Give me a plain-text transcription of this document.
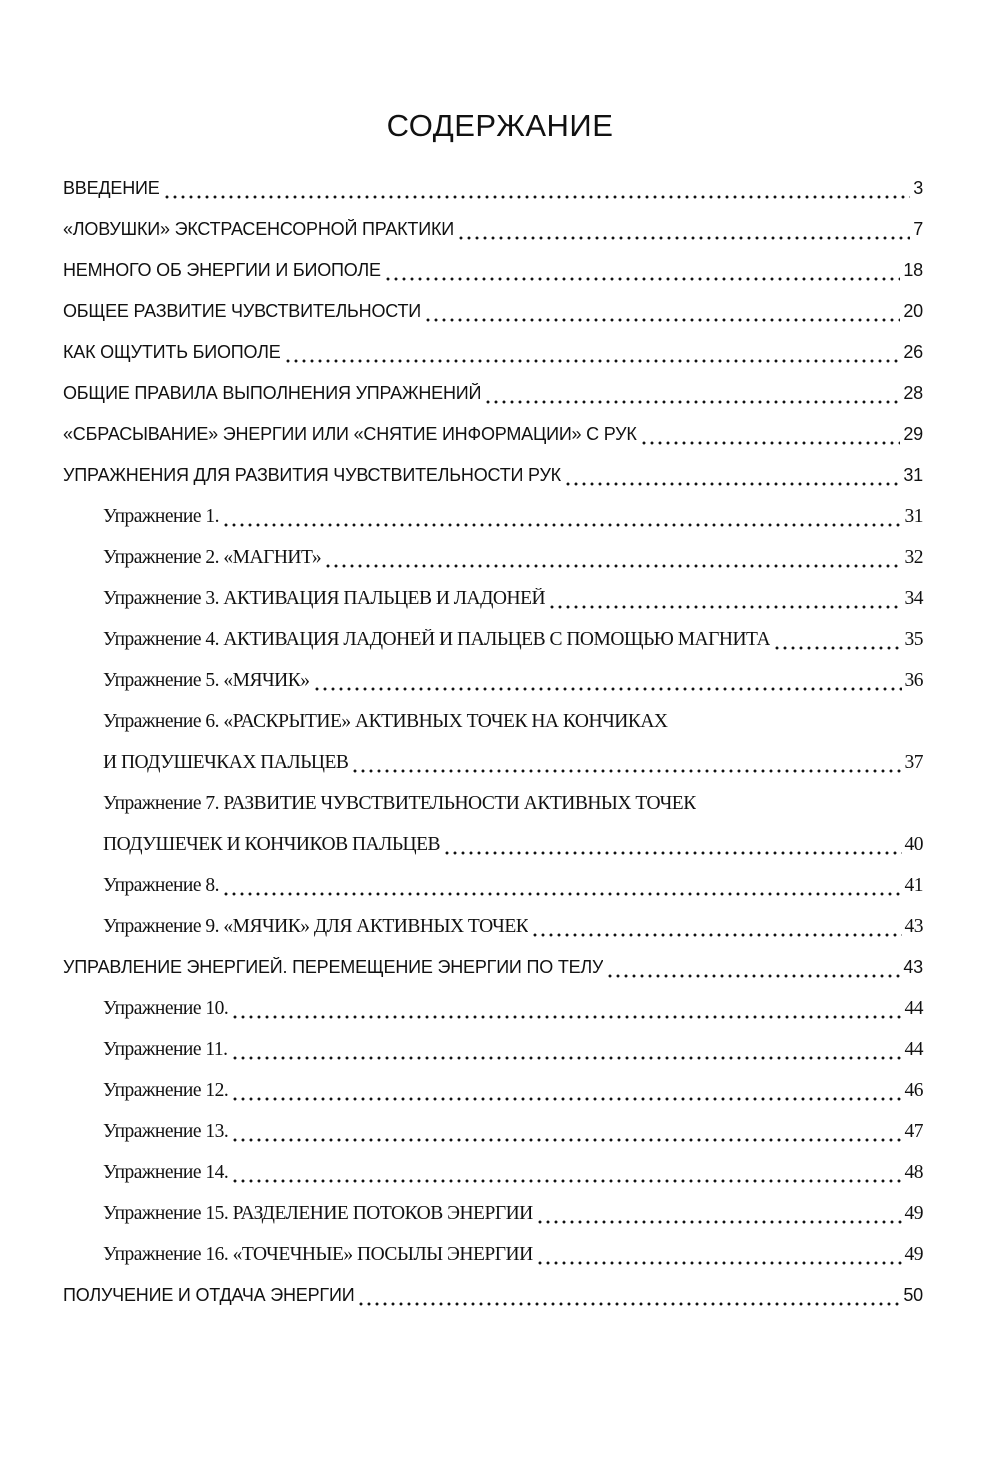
СОДЕРЖАНИЕ
ВВЕДЕНИЕ	3
«ЛОВУШКИ» ЭКСТРАСЕНСОРНОЙ ПРАКТИКИ	7
НЕМНОГО ОБ ЭНЕРГИИ И БИОПОЛЕ	18
ОБЩЕЕ РАЗВИТИЕ ЧУВСТВИТЕЛЬНОСТИ	20
КАК ОЩУТИТЬ БИОПОЛЕ	26
ОБЩИЕ ПРАВИЛА ВЫПОЛНЕНИЯ УПРАЖНЕНИЙ	28
«СБРАСЫВАНИЕ» ЭНЕРГИИ ИЛИ «СНЯТИЕ ИНФОРМАЦИИ» С РУК	29
УПРАЖНЕНИЯ ДЛЯ РАЗВИТИЯ ЧУВСТВИТЕЛЬНОСТИ РУК	31
Упражнение 1.	31
Упражнение 2. «МАГНИТ»	32
Упражнение 3. АКТИВАЦИЯ ПАЛЬЦЕВ И ЛАДОНЕЙ	34
Упражнение 4. АКТИВАЦИЯ ЛАДОНЕЙ И ПАЛЬЦЕВ С ПОМОЩЬЮ МАГНИТА	35
Упражнение 5. «МЯЧИК»	36
Упражнение 6. «РАСКРЫТИЕ» АКТИВНЫХ ТОЧЕК НА КОНЧИКАХ
И ПОДУШЕЧКАХ ПАЛЬЦЕВ	37
Упражнение 7. РАЗВИТИЕ ЧУВСТВИТЕЛЬНОСТИ АКТИВНЫХ ТОЧЕК
ПОДУШЕЧЕК И КОНЧИКОВ ПАЛЬЦЕВ	40
Упражнение 8.	41
Упражнение 9. «МЯЧИК» ДЛЯ АКТИВНЫХ ТОЧЕК	43
УПРАВЛЕНИЕ ЭНЕРГИЕЙ. ПЕРЕМЕЩЕНИЕ ЭНЕРГИИ ПО ТЕЛУ	43
Упражнение 10.	44
Упражнение 11.	44
Упражнение 12.	46
Упражнение 13.	47
Упражнение 14.	48
Упражнение 15. РАЗДЕЛЕНИЕ ПОТОКОВ ЭНЕРГИИ	49
Упражнение 16. «ТОЧЕЧНЫЕ» ПОСЫЛЫ ЭНЕРГИИ	49
ПОЛУЧЕНИЕ И ОТДАЧА ЭНЕРГИИ	50
